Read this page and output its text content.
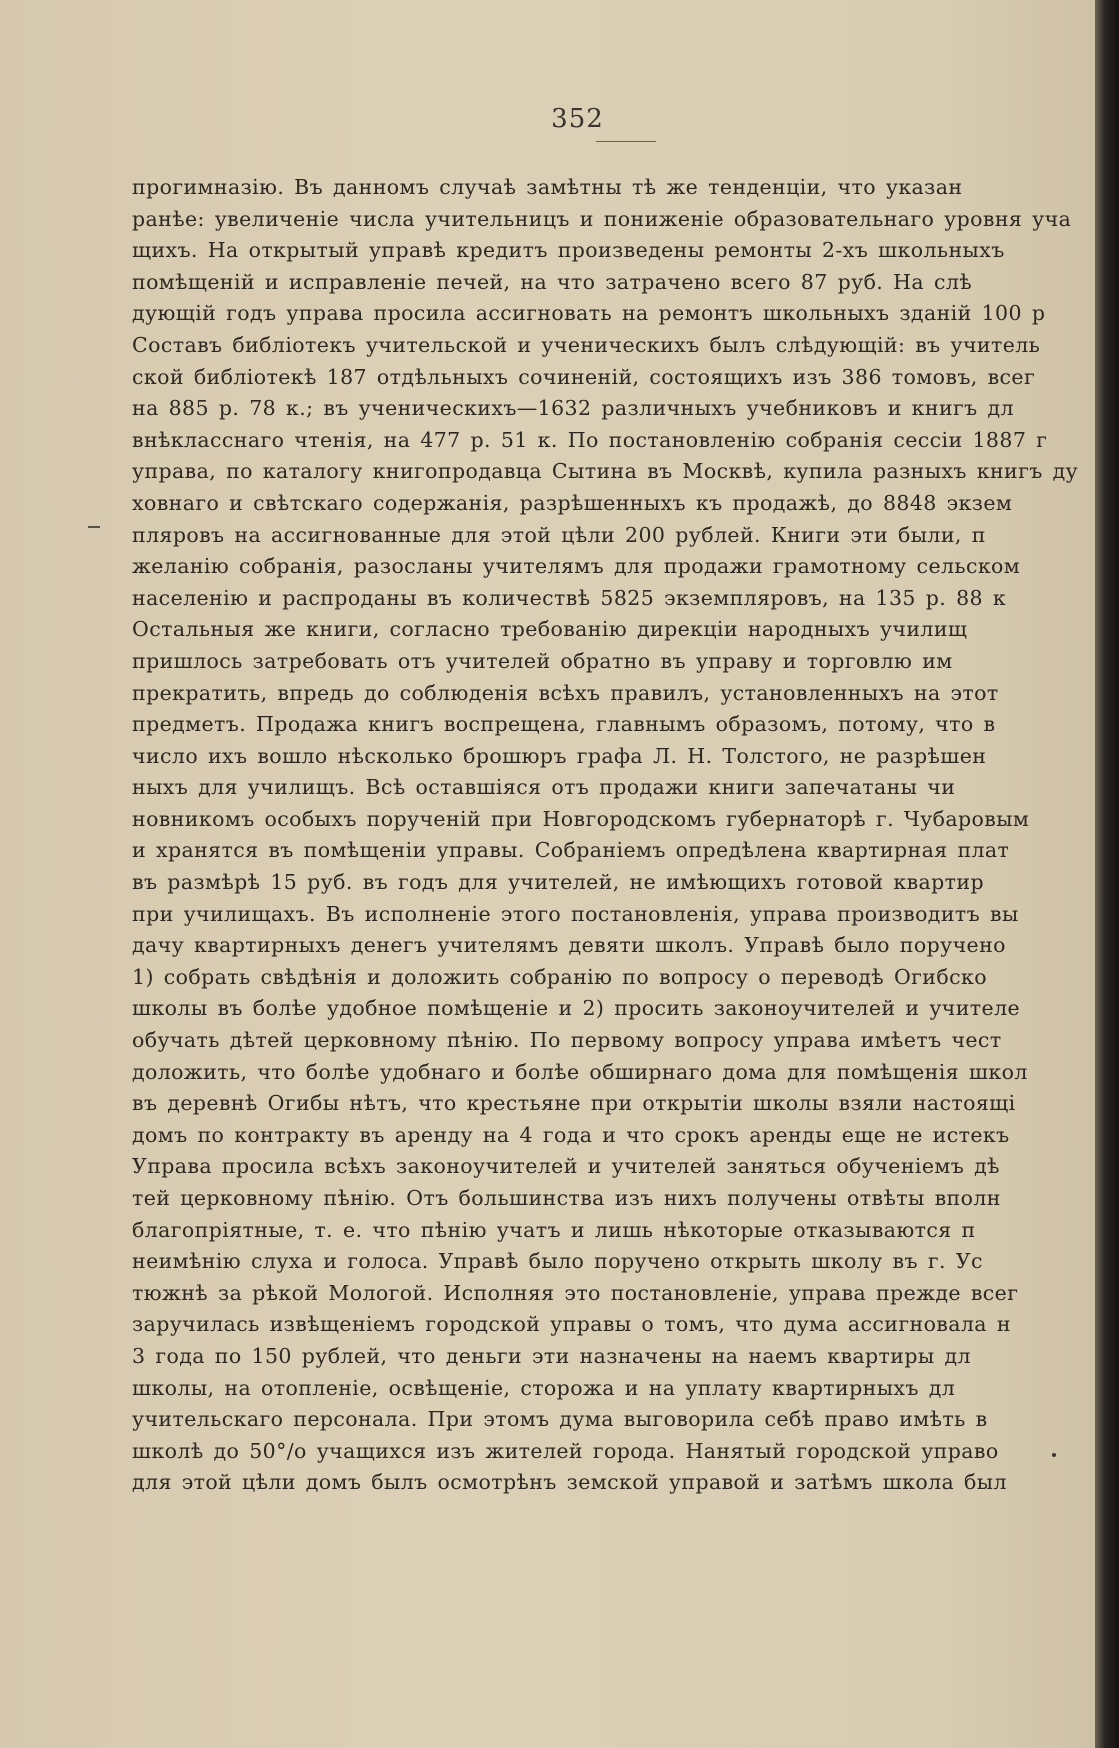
352
прогимназію. Въ данномъ случаѣ замѣтны тѣ же тенденціи, что указан
ранѣе: увеличеніе числа учительницъ и пониженіе образовательнаго уровня уча
щихъ. На открытый управѣ кредитъ произведены ремонты 2-хъ школьныхъ
помѣщеній и исправленіе печей, на что затрачено всего 87 руб. На слѣ
дующій годъ управа просила ассигновать на ремонтъ школьныхъ зданій 100 р
Составъ библіотекъ учительской и ученическихъ былъ слѣдующій: въ учитель
ской библіотекѣ 187 отдѣльныхъ сочиненій, состоящихъ изъ 386 томовъ, всег
на 885 р. 78 к.; въ ученическихъ—1632 различныхъ учебниковъ и книгъ дл
внѣкласснаго чтенія, на 477 р. 51 к. По постановленію собранія сессіи 1887 г
управа, по каталогу книгопродавца Сытина въ Москвѣ, купила разныхъ книгъ ду
ховнаго и свѣтскаго содержанія, разрѣшенныхъ къ продажѣ, до 8848 экзем
пляровъ на ассигнованные для этой цѣли 200 рублей. Книги эти были, п
желанію собранія, разосланы учителямъ для продажи грамотному сельском
населенію и распроданы въ количествѣ 5825 экземпляровъ, на 135 р. 88 к
Остальныя же книги, согласно требованію дирекціи народныхъ училищ
пришлось затребовать отъ учителей обратно въ управу и торговлю им
прекратить, впредь до соблюденія всѣхъ правилъ, установленныхъ на этот
предметъ. Продажа книгъ воспрещена, главнымъ образомъ, потому, что в
число ихъ вошло нѣсколько брошюръ графа Л. Н. Толстого, не разрѣшен
ныхъ для училищъ. Всѣ оставшіяся отъ продажи книги запечатаны чи
новникомъ особыхъ порученій при Новгородскомъ губернаторѣ г. Чубаровым
и хранятся въ помѣщеніи управы. Собраніемъ опредѣлена квартирная плат
въ размѣрѣ 15 руб. въ годъ для учителей, не имѣющихъ готовой квартир
при училищахъ. Въ исполненіе этого постановленія, управа производитъ вы
дачу квартирныхъ денегъ учителямъ девяти школъ. Управѣ было поручено
1) собрать свѣдѣнія и доложить собранію по вопросу о переводѣ Огибско
школы въ болѣе удобное помѣщеніе и 2) просить законоучителей и учителе
обучать дѣтей церковному пѣнію. По первому вопросу управа имѣетъ чест
доложить, что болѣе удобнаго и болѣе обширнаго дома для помѣщенія школ
въ деревнѣ Огибы нѣтъ, что крестьяне при открытіи школы взяли настоящі
домъ по контракту въ аренду на 4 года и что срокъ аренды еще не истекъ
Управа просила всѣхъ законоучителей и учителей заняться обученіемъ дѣ
тей церковному пѣнію. Отъ большинства изъ нихъ получены отвѣты вполн
благопріятные, т. е. что пѣнію учатъ и лишь нѣкоторые отказываются п
неимѣнію слуха и голоса. Управѣ было поручено открыть школу въ г. Ус
тюжнѣ за рѣкой Мологой. Исполняя это постановленіе, управа прежде всег
заручилась извѣщеніемъ городской управы о томъ, что дума ассигновала н
3 года по 150 рублей, что деньги эти назначены на наемъ квартиры дл
школы, на отопленіе, освѣщеніе, сторожа и на уплату квартирныхъ дл
учительскаго персонала. При этомъ дума выговорила себѣ право имѣть в
школѣ до 50°/о учащихся изъ жителей города. Нанятый городской управо
для этой цѣли домъ былъ осмотрѣнъ земской управой и затѣмъ школа был
